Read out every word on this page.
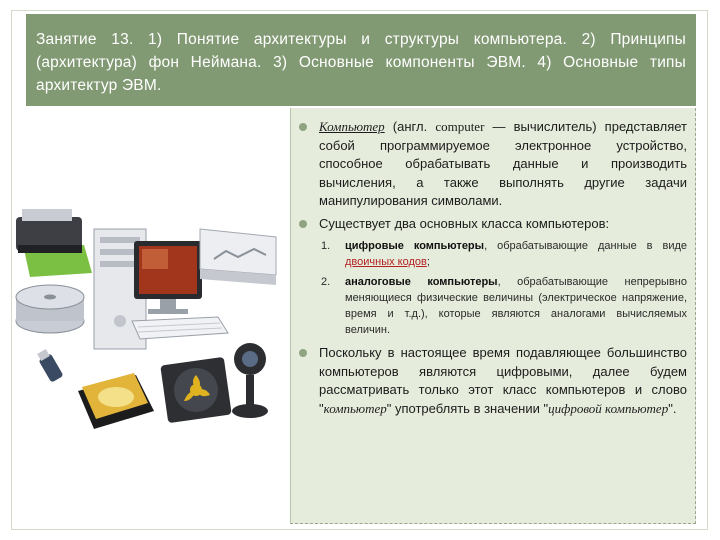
Занятие 13. 1) Понятие архитектуры и структуры компьютера. 2) Принципы (архитектура) фон Неймана. 3) Основные компоненты ЭВМ. 4) Основные типы архитектур ЭВМ.
Компьютер (англ. computer — вычислитель) представляет собой программируемое электронное устройство, способное обрабатывать данные и производить вычисления, а также выполнять другие задачи манипулирования символами.
Существует два основных класса компьютеров:
1. цифровые компьютеры, обрабатывающие данные в виде двоичных кодов;
2. аналоговые компьютеры, обрабатывающие непрерывно меняющиеся физические величины (электрическое напряжение, время и т.д.), которые являются аналогами вычисляемых величин.
Поскольку в настоящее время подавляющее большинство компьютеров являются цифровыми, далее будем рассматривать только этот класс компьютеров и слово "компьютер" употреблять в значении "цифровой компьютер".
